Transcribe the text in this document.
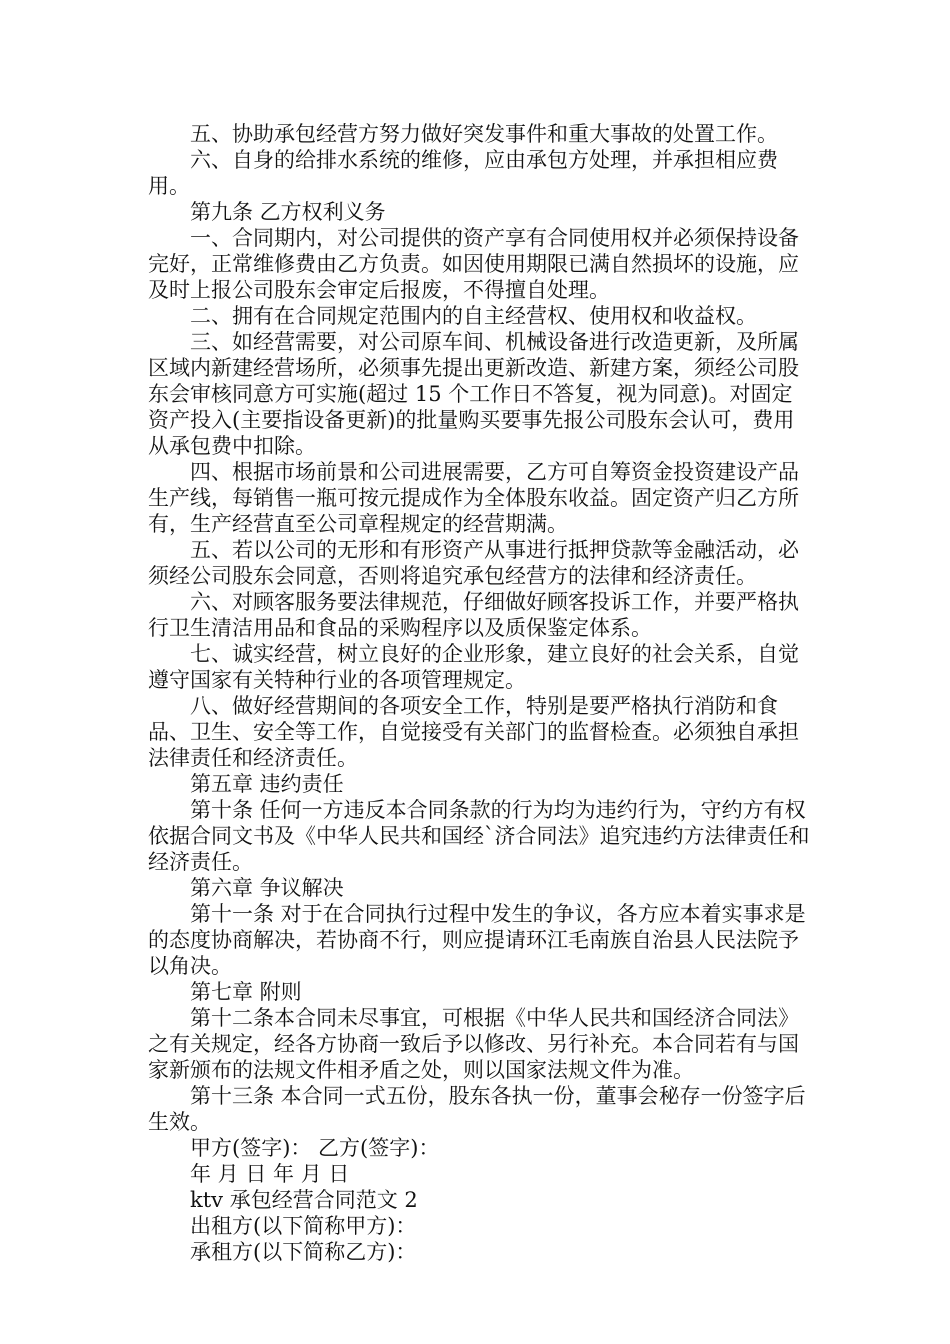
五、协助承包经营方努力做好突发事件和重大事故的处置工作。

六、自身的给排水系统的维修，应由承包方处理，并承担相应费用。

第九条 乙方权利义务

一、合同期内，对公司提供的资产享有合同使用权并必须保持设备完好，正常维修费由乙方负责。如因使用期限已满自然损坏的设施，应及时上报公司股东会审定后报废，不得擅自处理。

二、拥有在合同规定范围内的自主经营权、使用权和收益权。

三、如经营需要，对公司原车间、机械设备进行改造更新，及所属区域内新建经营场所，必须事先提出更新改造、新建方案，须经公司股东会审核同意方可实施(超过 15 个工作日不答复，视为同意)。对固定资产投入(主要指设备更新)的批量购买要事先报公司股东会认可，费用从承包费中扣除。

四、根据市场前景和公司进展需要，乙方可自筹资金投资建设产品生产线，每销售一瓶可按元提成作为全体股东收益。固定资产归乙方所有，生产经营直至公司章程规定的经营期满。

五、若以公司的无形和有形资产从事进行抵押贷款等金融活动，必须经公司股东会同意，否则将追究承包经营方的法律和经济责任。

六、对顾客服务要法律规范，仔细做好顾客投诉工作，并要严格执行卫生清洁用品和食品的采购程序以及质保鉴定体系。

七、诚实经营，树立良好的企业形象，建立良好的社会关系，自觉遵守国家有关特种行业的各项管理规定。

八、做好经营期间的各项安全工作，特别是要严格执行消防和食品、卫生、安全等工作，自觉接受有关部门的监督检查。必须独自承担法律责任和经济责任。

第五章 违约责任

第十条 任何一方违反本合同条款的行为均为违约行为，守约方有权依据合同文书及《中华人民共和国经`济合同法》追究违约方法律责任和经济责任。

第六章 争议解决

第十一条 对于在合同执行过程中发生的争议，各方应本着实事求是的态度协商解决，若协商不行，则应提请环江毛南族自治县人民法院予以角决。

第七章 附则

第十二条本合同未尽事宜，可根据《中华人民共和国经济合同法》之有关规定，经各方协商一致后予以修改、另行补充。本合同若有与国家新颁布的法规文件相矛盾之处，则以国家法规文件为准。

第十三条 本合同一式五份，股东各执一份，董事会秘存一份签字后生效。

甲方(签字)： 乙方(签字)：

年 月 日 年 月 日

ktv 承包经营合同范文 2

出租方(以下简称甲方)：

承租方(以下简称乙方)：
